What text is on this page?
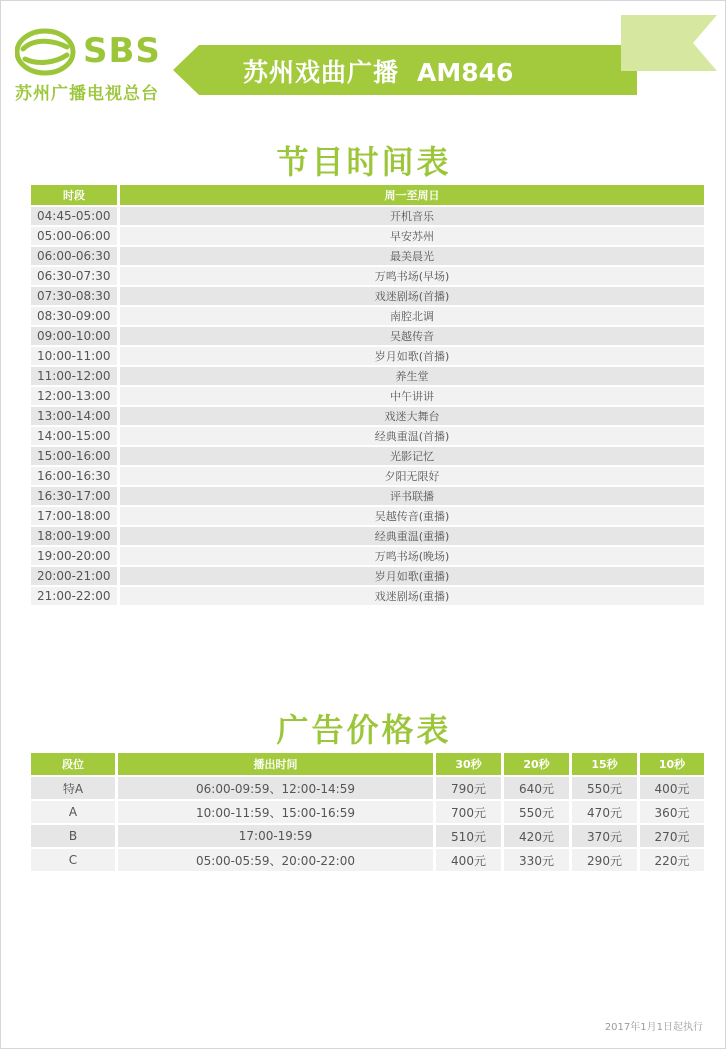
SBS
苏州广播电视总台
苏州戏曲广播 AM846
节目时间表
时段	周一至周日
04:45-05:00	开机音乐
05:00-06:00	早安苏州
06:00-06:30	最美晨光
06:30-07:30	万鸣书场(早场)
07:30-08:30	戏迷剧场(首播)
08:30-09:00	南腔北调
09:00-10:00	吴越传音
10:00-11:00	岁月如歌(首播)
11:00-12:00	养生堂
12:00-13:00	中午讲讲
13:00-14:00	戏迷大舞台
14:00-15:00	经典重温(首播)
15:00-16:00	光影记忆
16:00-16:30	夕阳无限好
16:30-17:00	评书联播
17:00-18:00	吴越传音(重播)
18:00-19:00	经典重温(重播)
19:00-20:00	万鸣书场(晚场)
20:00-21:00	岁月如歌(重播)
21:00-22:00	戏迷剧场(重播)
广告价格表
段位	播出时间	30秒	20秒	15秒	10秒
特A	06:00-09:59、12:00-14:59	790元	640元	550元	400元
A	10:00-11:59、15:00-16:59	700元	550元	470元	360元
B	17:00-19:59	510元	420元	370元	270元
C	05:00-05:59、20:00-22:00	400元	330元	290元	220元
2017年1月1日起执行
